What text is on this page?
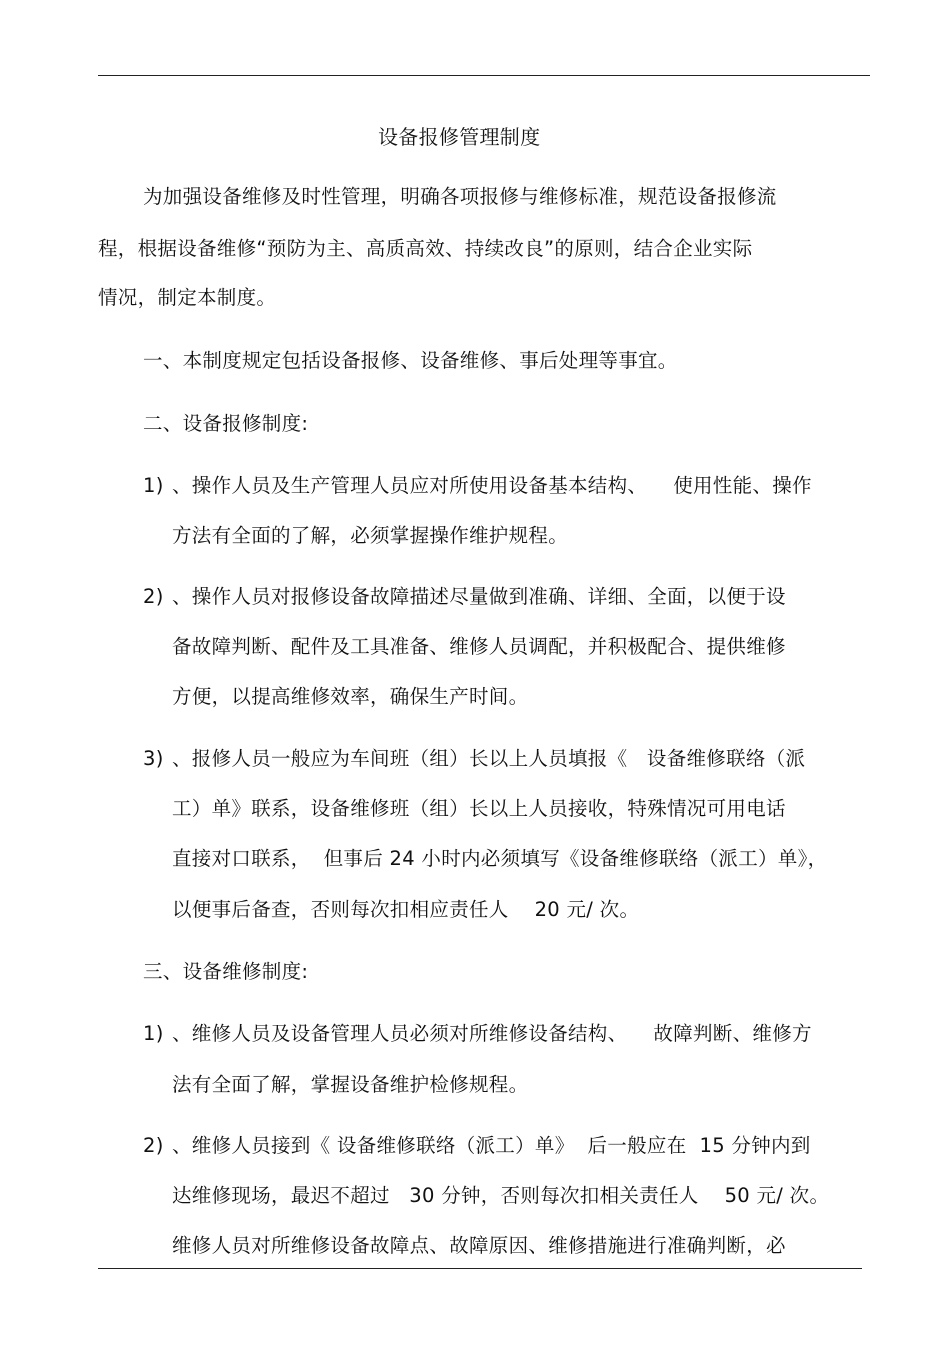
设备报修管理制度
为加强设备维修及时性管理，明确各项报修与维修标准，规范设备报修流
程，根据设备维修“预防为主、高质高效、持续改良”的原则，结合企业实际
情况，制定本制度。
一、本制度规定包括设备报修、设备维修、事后处理等事宜。
二、设备报修制度:
1) 、操作人员及生产管理人员应对所使用设备基本结构、    使用性能、操作
方法有全面的了解，必须掌握操作维护规程。
2) 、操作人员对报修设备故障描述尽量做到准确、详细、全面，以便于设
备故障判断、配件及工具准备、维修人员调配，并积极配合、提供维修
方便，以提高维修效率，确保生产时间。
3) 、报修人员一般应为车间班（组）长以上人员填报《   设备维修联络（派
工）单》联系，设备维修班（组）长以上人员接收，特殊情况可用电话
直接对口联系，  但事后 24 小时内必须填写《设备维修联络（派工）单》，
以便事后备查，否则每次扣相应责任人    20 元/ 次。
三、设备维修制度:
1) 、维修人员及设备管理人员必须对所维修设备结构、    故障判断、维修方
法有全面了解，掌握设备维护检修规程。
2) 、维修人员接到《 设备维修联络（派工）单》  后一般应在  15 分钟内到
达维修现场，最迟不超过   30 分钟，否则每次扣相关责任人    50 元/ 次。
维修人员对所维修设备故障点、故障原因、维修措施进行准确判断，必
